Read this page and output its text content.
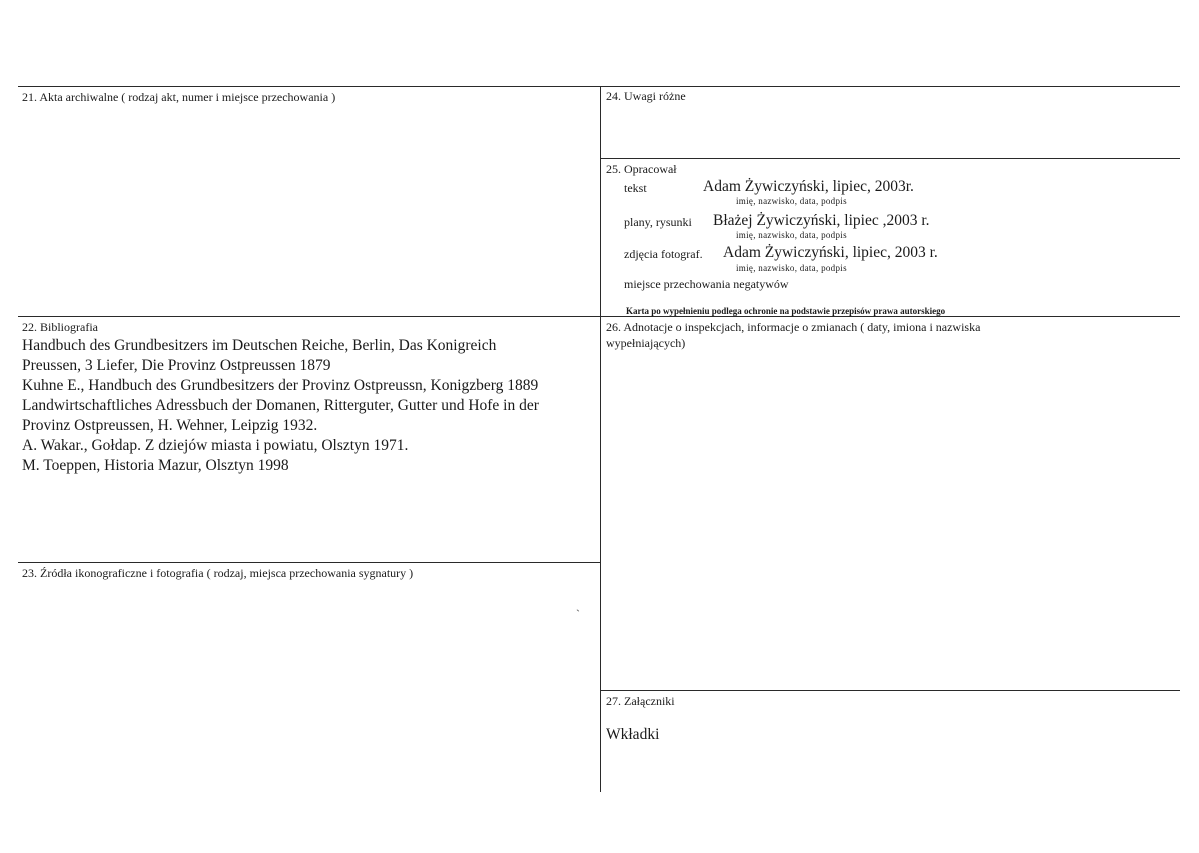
21. Akta archiwalne ( rodzaj akt, numer i miejsce przechowania )
22. Bibliografia
Handbuch des Grundbesitzers im Deutschen Reiche, Berlin, Das Konigreich
Preussen, 3 Liefer, Die Provinz Ostpreussen 1879
Kuhne E., Handbuch des Grundbesitzers der Provinz Ostpreussn, Konigzberg 1889
Landwirtschaftliches Adressbuch der Domanen, Ritterguter, Gutter und Hofe in der
Provinz Ostpreussen, H. Wehner, Leipzig 1932.
A. Wakar., Gołdap. Z dziejów miasta i powiatu, Olsztyn 1971.
M. Toeppen, Historia Mazur, Olsztyn 1998
23. Źródła ikonograficzne i fotografia ( rodzaj, miejsca przechowania sygnatury )
`
24. Uwagi różne
25. Opracował
tekst	Adam Żywiczyński, lipiec, 2003r.
imię, nazwisko, data, podpis
plany, rysunki Błażej Żywiczyński, lipiec ,2003 r.
imię, nazwisko, data, podpis
zdjęcia fotograf. Adam Żywiczyński, lipiec, 2003 r.
imię, nazwisko, data, podpis
miejsce przechowania negatywów
Karta po wypełnieniu podlega ochronie na podstawie przepisów prawa autorskiego
26. Adnotacje o inspekcjach, informacje o zmianach ( daty, imiona i nazwiska
wypełniających)
27. Załączniki
Wkładki
